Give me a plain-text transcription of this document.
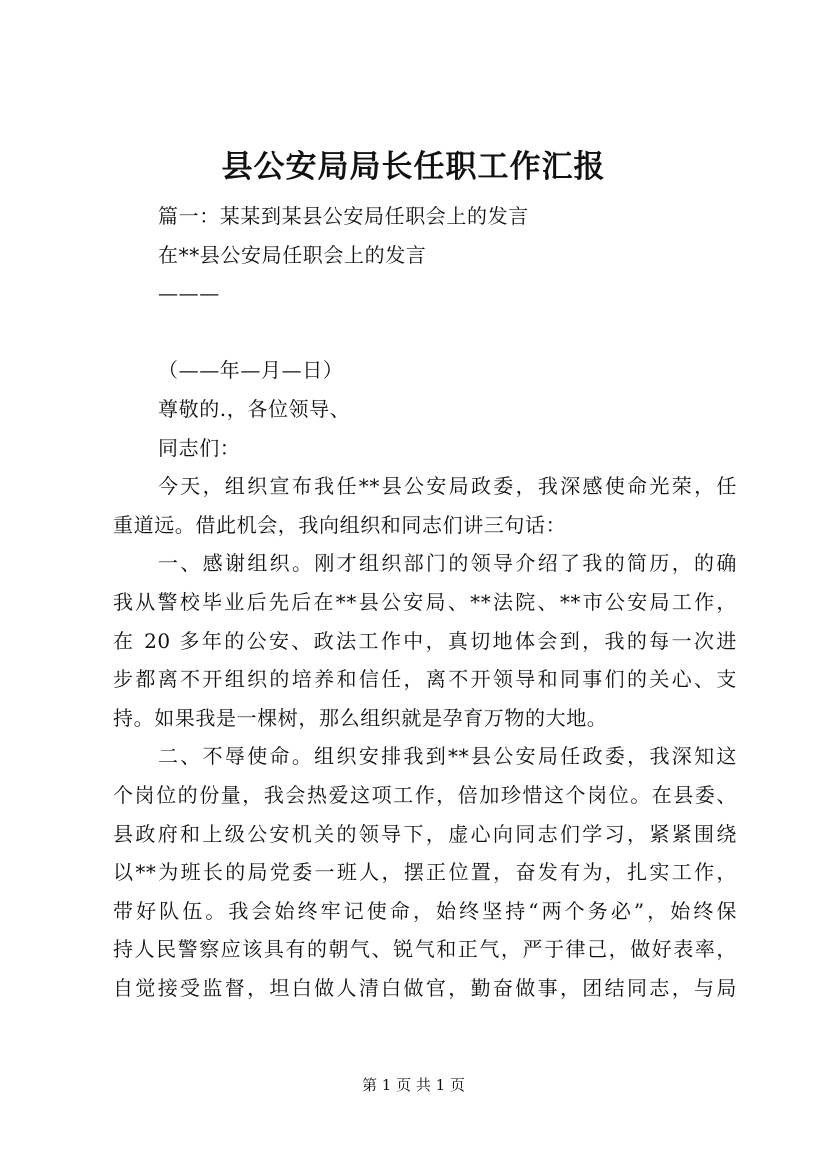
县公安局局长任职工作汇报
篇一：某某到某县公安局任职会上的发言
在**县公安局任职会上的发言
———
（——年—月—日）
尊敬的.，各位领导、
同志们：
今天，组织宣布我任**县公安局政委，我深感使命光荣，任
重道远。借此机会，我向组织和同志们讲三句话：
一、感谢组织。刚才组织部门的领导介绍了我的简历，的确
我从警校毕业后先后在**县公安局、**法院、**市公安局工作，
在 20 多年的公安、政法工作中，真切地体会到，我的每一次进
步都离不开组织的培养和信任，离不开领导和同事们的关心、支
持。如果我是一棵树，那么组织就是孕育万物的大地。
二、不辱使命。组织安排我到**县公安局任政委，我深知这
个岗位的份量，我会热爱这项工作，倍加珍惜这个岗位。在县委、
县政府和上级公安机关的领导下，虚心向同志们学习，紧紧围绕
以**为班长的局党委一班人，摆正位置，奋发有为，扎实工作，
带好队伍。我会始终牢记使命，始终坚持“两个务必”，始终保
持人民警察应该具有的朝气、锐气和正气，严于律己，做好表率，
自觉接受监督，坦白做人清白做官，勤奋做事，团结同志，与局
第 1 页 共 1 页
